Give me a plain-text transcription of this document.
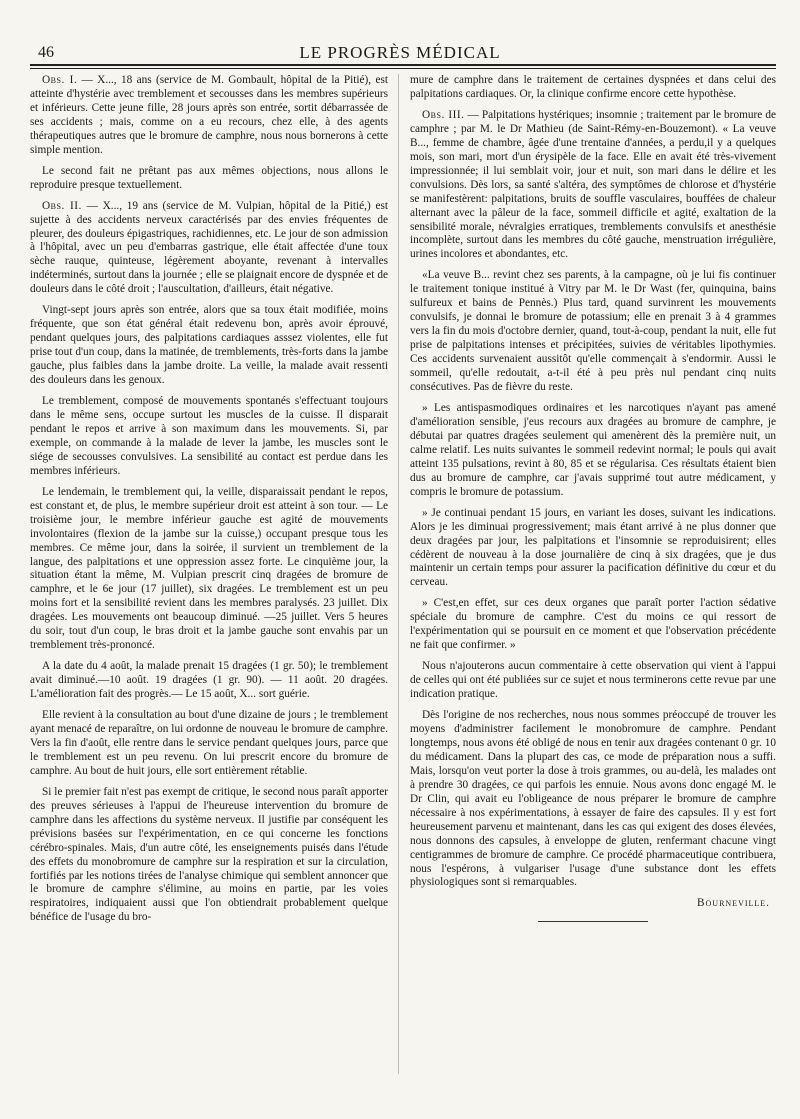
46	LE PROGRÈS MÉDICAL

Obs. I. — X..., 18 ans (service de M. Gombault, hôpital de la Pitié), est atteinte d'hystérie avec tremblement et secousses dans les membres supérieurs et inférieurs. Cette jeune fille, 28 jours après son entrée, sortit débarrassée de ses accidents ; mais, comme on a eu recours, chez elle, à des agents thérapeutiques autres que le bromure de camphre, nous nous bornerons à cette simple mention.

Le second fait ne prêtant pas aux mêmes objections, nous allons le reproduire presque textuellement.

Obs. II. — X..., 19 ans (service de M. Vulpian, hôpital de la Pitié,) est sujette à des accidents nerveux caractérisés par des envies fréquentes de pleurer, des douleurs épigastriques, rachidiennes, etc. Le jour de son admission à l'hôpital, avec un peu d'embarras gastrique, elle était affectée d'une toux sèche rauque, quinteuse, légèrement aboyante, revenant à intervalles indéterminés, surtout dans la journée ; elle se plaignait encore de dyspnée et de douleurs dans le côté droit ; l'auscultation, d'ailleurs, était négative.

Vingt-sept jours après son entrée, alors que sa toux était modifiée, moins fréquente, que son état général était redevenu bon, après avoir éprouvé, pendant quelques jours, des palpitations cardiaques asssez violentes, elle fut prise tout d'un coup, dans la matinée, de tremblements, très-forts dans la jambe gauche, plus faibles dans la jambe droite. La veille, la malade avait ressenti des douleurs dans les genoux.

Le tremblement, composé de mouvements spontanés s'effectuant toujours dans le même sens, occupe surtout les muscles de la cuisse. Il disparait pendant le repos et arrive à son maximum dans les mouvements. Si, par exemple, on commande à la malade de lever la jambe, les muscles sont le siége de secousses convulsives. La sensibilité au contact est perdue dans les membres inférieurs.

Le lendemain, le tremblement qui, la veille, disparaissait pendant le repos, est constant et, de plus, le membre supérieur droit est atteint à son tour. — Le troisième jour, le membre inférieur gauche est agité de mouvements involontaires (flexion de la jambe sur la cuisse,) occupant presque tous les membres. Ce même jour, dans la soirée, il survient un tremblement de la langue, des palpitations et une oppression assez forte. Le cinquième jour, la situation étant la même, M. Vulpian prescrit cinq dragées de bromure de camphre, et le 6e jour (17 juillet), six dragées. Le tremblement est un peu moins fort et la sensibilité revient dans les membres paralysés. 23 juillet. Dix dragées. Les mouvements ont beaucoup diminué. —25 juillet. Vers 5 heures du soir, tout d'un coup, le bras droit et la jambe gauche sont envahis par un tremblement très-prononcé.

A la date du 4 août, la malade prenait 15 dragées (1 gr. 50); le tremblement avait diminué.—10 août. 19 dragées (1 gr. 90). — 11 août. 20 dragées. L'amélioration fait des progrès.— Le 15 août, X... sort guérie.

Elle revient à la consultation au bout d'une dizaine de jours ; le tremblement ayant menacé de reparaître, on lui ordonne de nouveau le bromure de camphre. Vers la fin d'août, elle rentre dans le service pendant quelques jours, parce que le tremblement est un peu revenu. On lui prescrit encore du bromure de camphre. Au bout de huit jours, elle sort entièrement rétablie.

Si le premier fait n'est pas exempt de critique, le second nous paraît apporter des preuves sérieuses à l'appui de l'heureuse intervention du bromure de camphre dans les affections du système nerveux. Il justifie par conséquent les prévisions basées sur l'expérimentation, en ce qui concerne les fonctions cérébro-spinales. Mais, d'un autre côté, les enseignements puisés dans l'étude des effets du monobromure de camphre sur la respiration et sur la circulation, fortifiés par les notions tirées de l'analyse chimique qui semblent annoncer que le bromure de camphre s'élimine, au moins en partie, par les voies respiratoires, indiquaient aussi que l'on obtiendrait probablement quelque bénéfice de l'usage du bro-

mure de camphre dans le traitement de certaines dyspnées et dans celui des palpitations cardiaques. Or, la clinique confirme encore cette hypothèse.

Obs. III. — Palpitations hystériques; insomnie ; traitement par le bromure de camphre ; par M. le Dr Mathieu (de Saint-Rémy-en-Bouzemont). « La veuve B..., femme de chambre, âgée d'une trentaine d'années, a perdu,il y a quelques mois, son mari, mort d'un érysipèle de la face. Elle en avait été très-vivement impressionnée; il lui semblait voir, jour et nuit, son mari dans le délire et les convulsions. Dès lors, sa santé s'altéra, des symptômes de chlorose et d'hystérie se manifestèrent: palpitations, bruits de souffle vasculaires, bouffées de chaleur alternant avec la pâleur de la face, sommeil difficile et agité, exaltation de la sensibilité morale, névralgies erratiques, tremblements convulsifs et anesthésie incomplète, surtout dans les membres du côté gauche, menstruation irrégulière, urines incolores et abondantes, etc.

«La veuve B... revint chez ses parents, à la campagne, où je lui fis continuer le traitement tonique institué à Vitry par M. le Dr Wast (fer, quinquina, bains sulfureux et bains de Pennès.) Plus tard, quand survinrent les mouvements convulsifs, je donnai le bromure de potassium; elle en prenait 3 à 4 grammes vers la fin du mois d'octobre dernier, quand, tout-à-coup, pendant la nuit, elle fut prise de palpitations intenses et précipitées, suivies de véritables lipothymies. Ces accidents survenaient aussitôt qu'elle commençait à s'endormir. Aussi le sommeil, qu'elle redoutait, a-t-il été à peu près nul pendant cinq nuits consécutives. Pas de fièvre du reste.

» Les antispasmodiques ordinaires et les narcotiques n'ayant pas amené d'amélioration sensible, j'eus recours aux dragées au bromure de camphre, je débutai par quatres dragées seulement qui amenèrent dès la première nuit, un calme relatif. Les nuits suivantes le sommeil redevint normal; le pouls qui avait atteint 135 pulsations, revint à 80, 85 et se régularisa. Ces résultats étaient bien dus au bromure de camphre, car j'avais supprimé tout autre médicament, y compris le bromure de potassium.

» Je continuai pendant 15 jours, en variant les doses, suivant les indications. Alors je les diminuai progressivement; mais étant arrivé à ne plus donner que deux dragées par jour, les palpitations et l'insomnie se reproduisirent; elles cédèrent de nouveau à la dose journalière de cinq à six dragées, que je dus maintenir un certain temps pour assurer la pacification définitive du cœur et du cerveau.

» C'est,en effet, sur ces deux organes que paraît porter l'action sédative spéciale du bromure de camphre. C'est du moins ce qui ressort de l'expérimentation qui se poursuit en ce moment et que l'observation précédente ne fait que confirmer. »

Nous n'ajouterons aucun commentaire à cette observation qui vient à l'appui de celles qui ont été publiées sur ce sujet et nous terminerons cette revue par une indication pratique.

Dès l'origine de nos recherches, nous nous sommes préoccupé de trouver les moyens d'administrer facilement le monobromure de camphre. Pendant longtemps, nous avons été obligé de nous en tenir aux dragées contenant 0 gr. 10 du médicament. Dans la plupart des cas, ce mode de préparation nous a suffi. Mais, lorsqu'on veut porter la dose à trois grammes, ou au-delà, les malades ont à prendre 30 dragées, ce qui parfois les ennuie. Nous avons donc engagé M. le Dr Clin, qui avait eu l'obligeance de nous préparer le bromure de camphre nécessaire à nos expérimentations, à essayer de faire des capsules. Il y est fort heureusement parvenu et maintenant, dans les cas qui exigent des doses élevées, nous donnons des capsules, à enveloppe de gluten, renfermant chacune vingt centigrammes de bromure de camphre. Ce procédé pharmaceutique contribuera, nous l'espérons, à vulgariser l'usage d'une substance dont les effets physiologiques sont si remarquables.

Bourneville.
